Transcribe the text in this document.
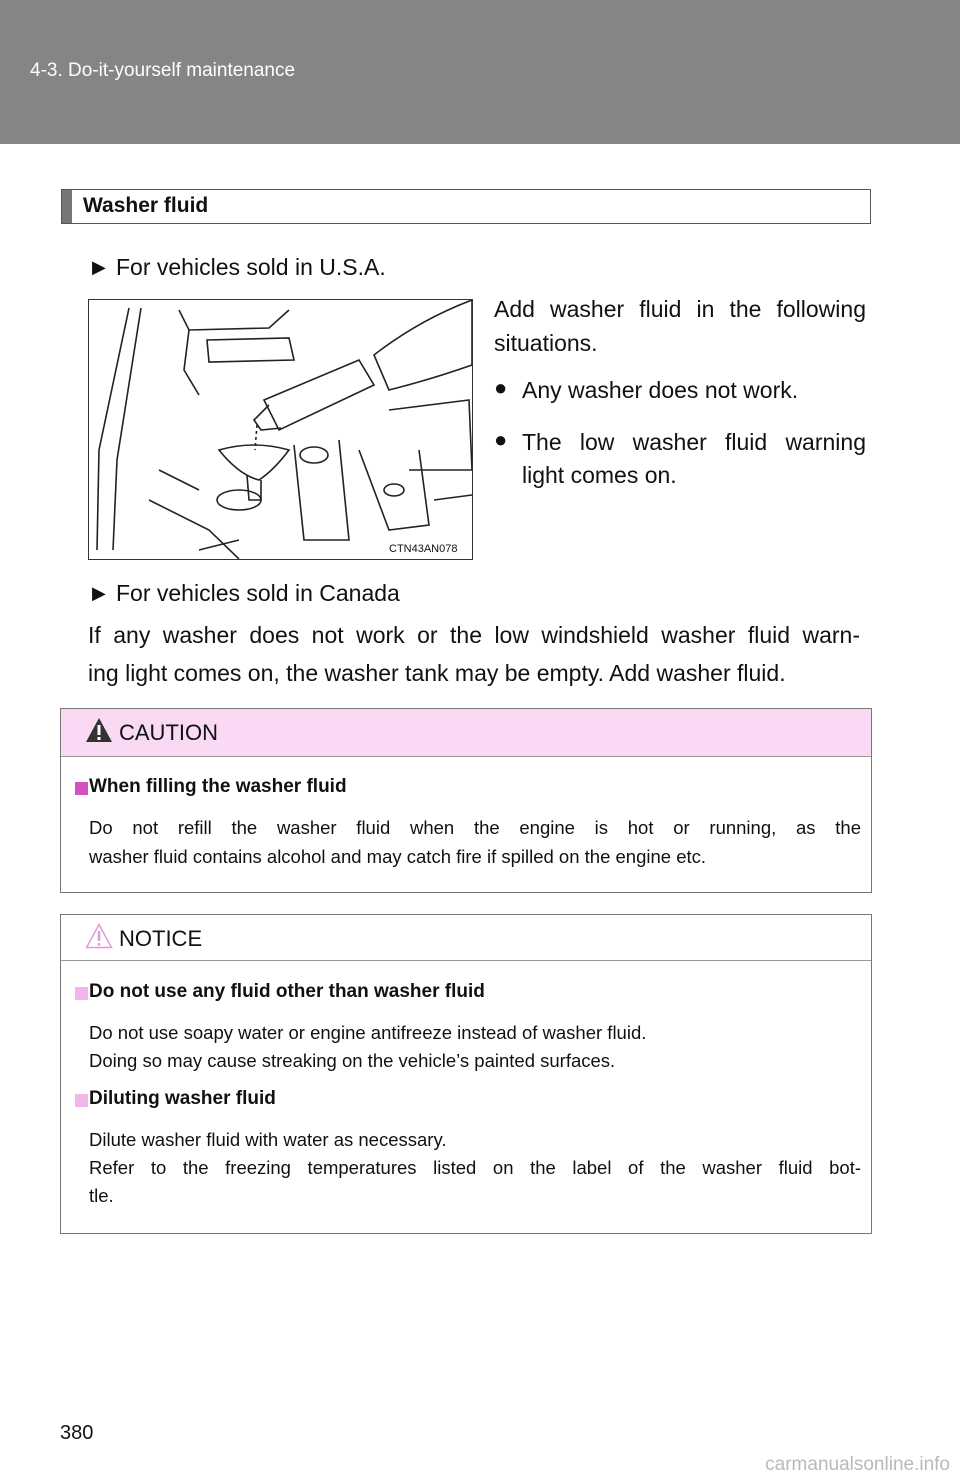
4-3. Do-it-yourself maintenance
Washer fluid
▶ For vehicles sold in U.S.A.
CTN43AN078
Add washer fluid in the following
situations.
● Any washer does not work.
● The low washer fluid warning
light comes on.
▶ For vehicles sold in Canada
If any washer does not work or the low windshield washer fluid warn-
ing light comes on, the washer tank may be empty. Add washer fluid.
CAUTION
When filling the washer fluid
Do not refill the washer fluid when the engine is hot or running, as the
washer fluid contains alcohol and may catch fire if spilled on the engine etc.
NOTICE
Do not use any fluid other than washer fluid
Do not use soapy water or engine antifreeze instead of washer fluid.
Doing so may cause streaking on the vehicle’s painted surfaces.
Diluting washer fluid
Dilute washer fluid with water as necessary.
Refer to the freezing temperatures listed on the label of the washer fluid bot-
tle.
380
carmanualsonline.info
